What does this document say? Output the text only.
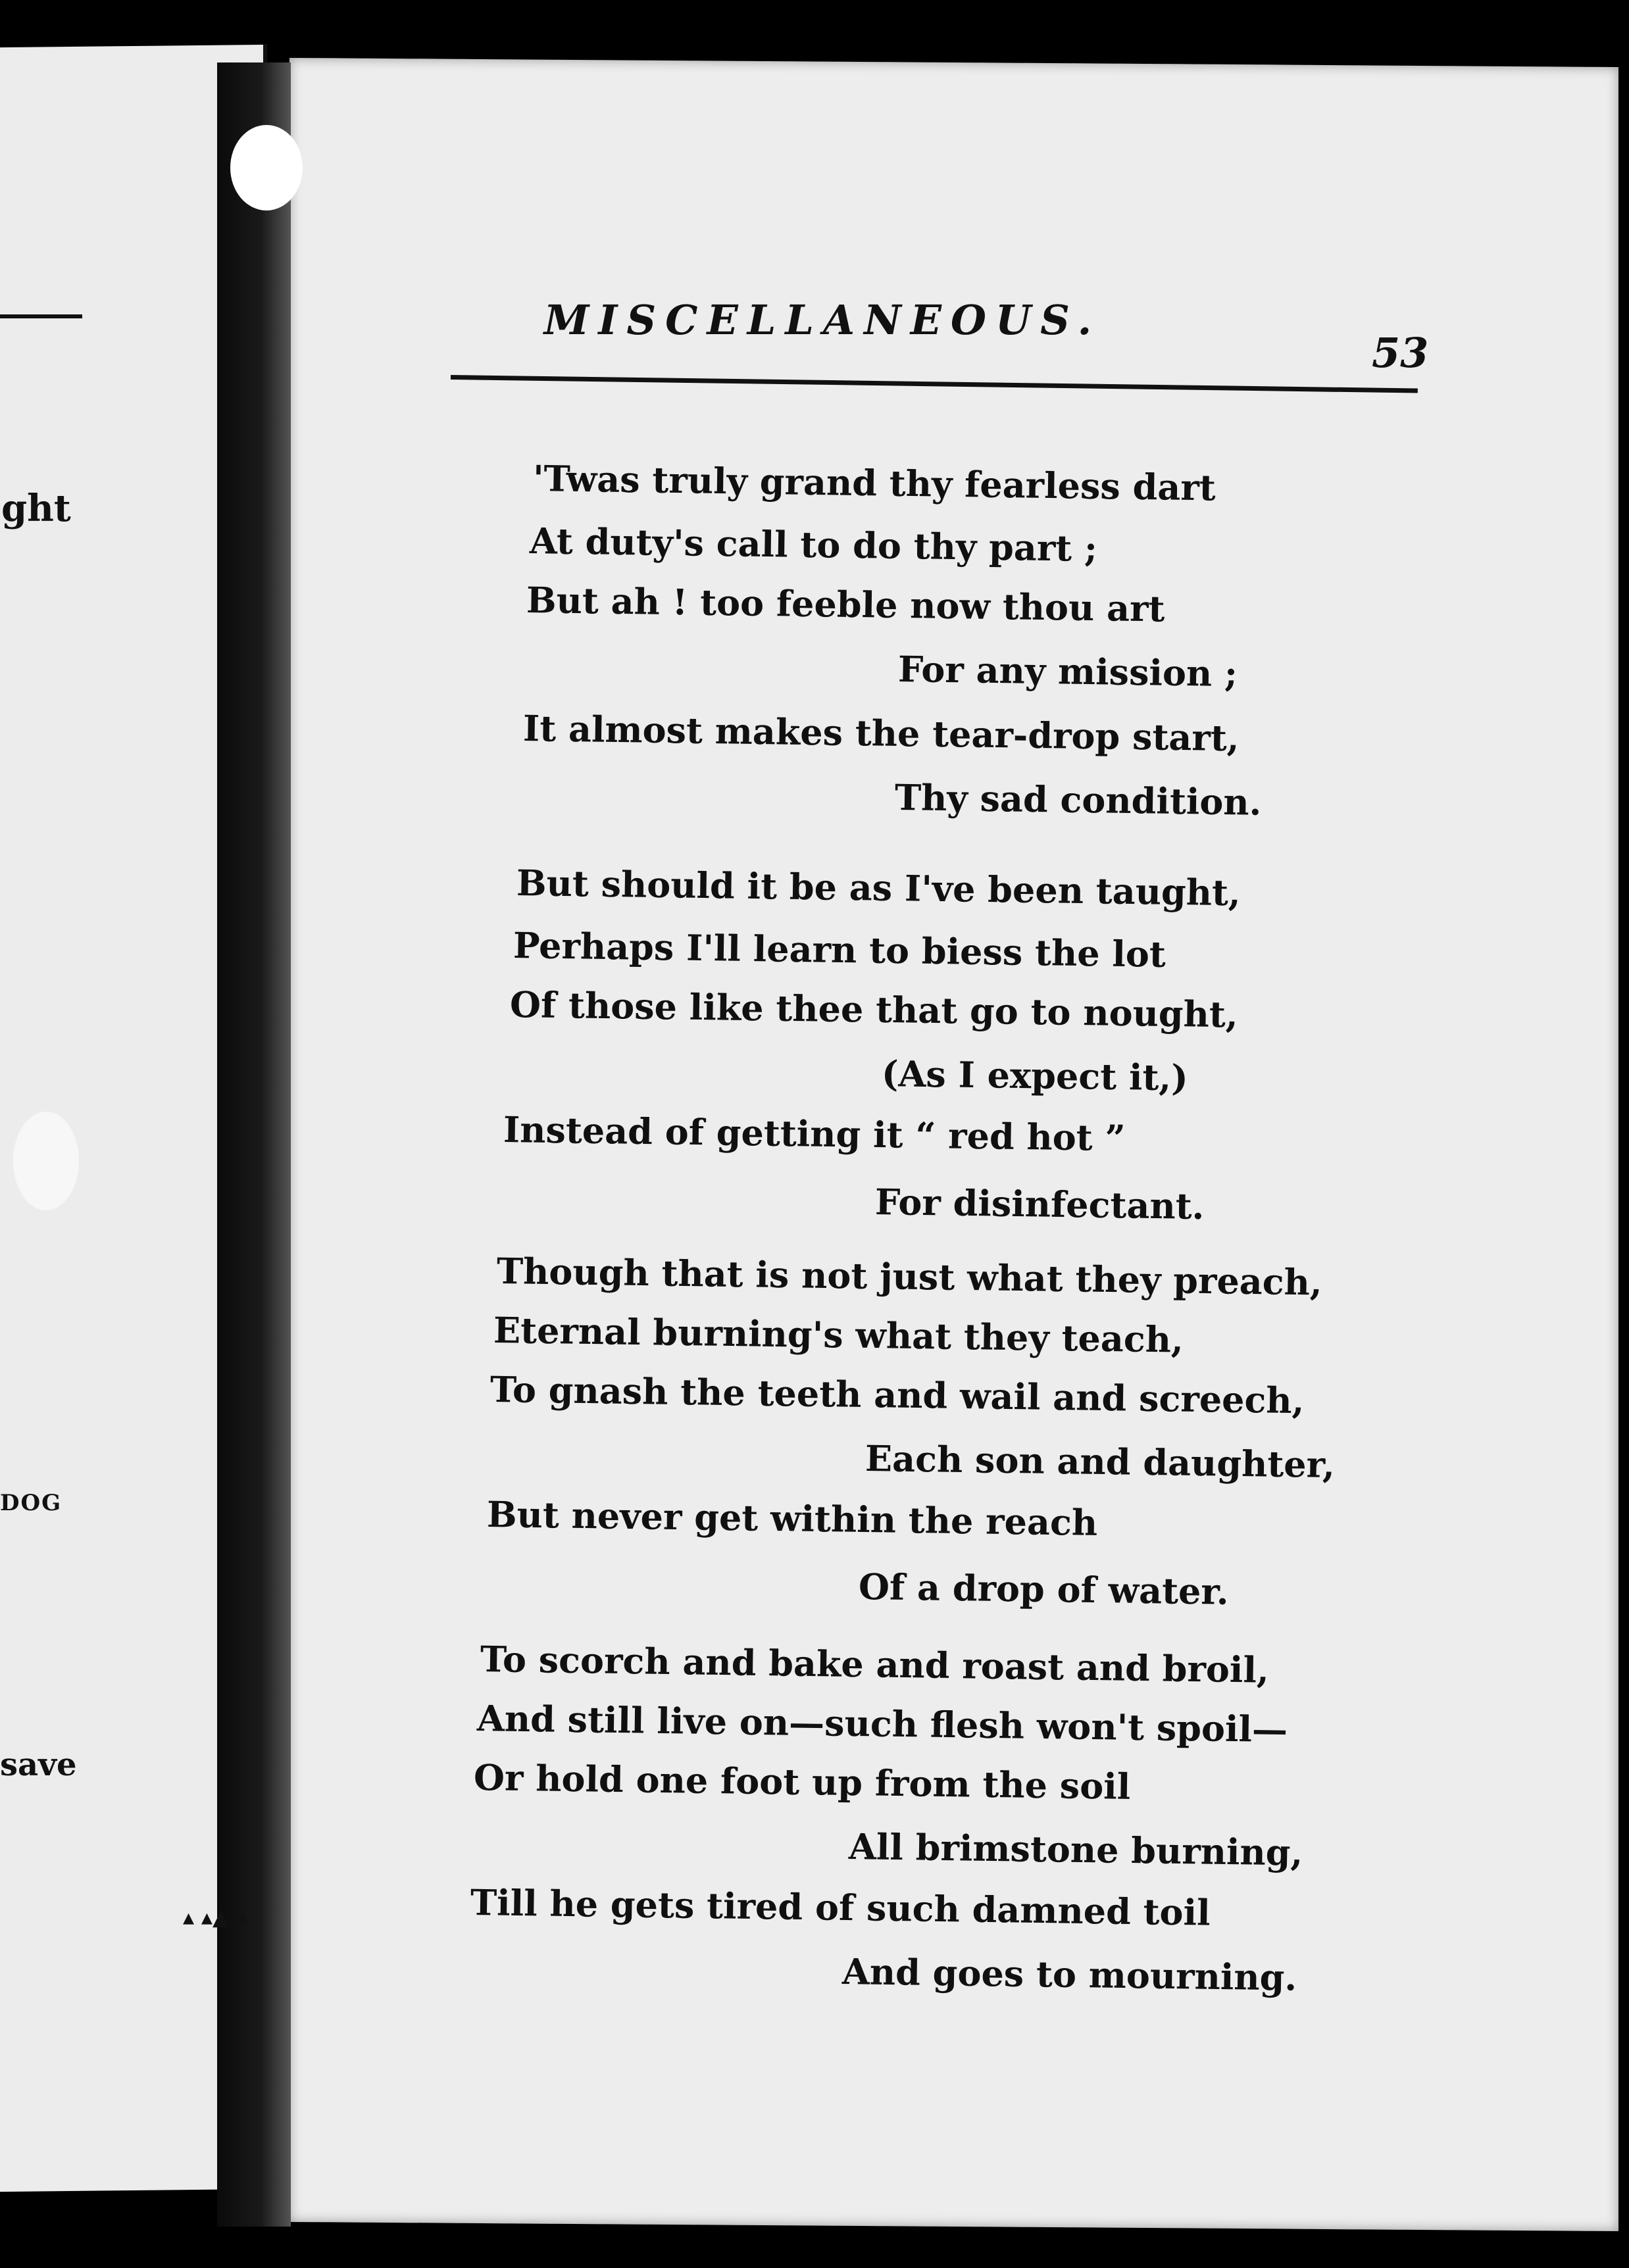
ght
DOG
save
▴ ▴▲ ▴
MISCELLANEOUS.
53
'Twas truly grand thy fearless dart
At duty's call to do thy part ;
But ah ! too feeble now thou art
For any mission ;
It almost makes the tear-drop start,
Thy sad condition.
But should it be as I've been taught,
Perhaps I'll learn to biess the lot
Of those like thee that go to nought,
(As I expect it,)
Instead of getting it “ red hot ”
For disinfectant.
Though that is not just what they preach,
Eternal burning's what they teach,
To gnash the teeth and wail and screech,
Each son and daughter,
But never get within the reach
Of a drop of water.
To scorch and bake and roast and broil,
And still live on—such flesh won't spoil—
Or hold one foot up from the soil
All brimstone burning,
Till he gets tired of such damned toil
And goes to mourning.
